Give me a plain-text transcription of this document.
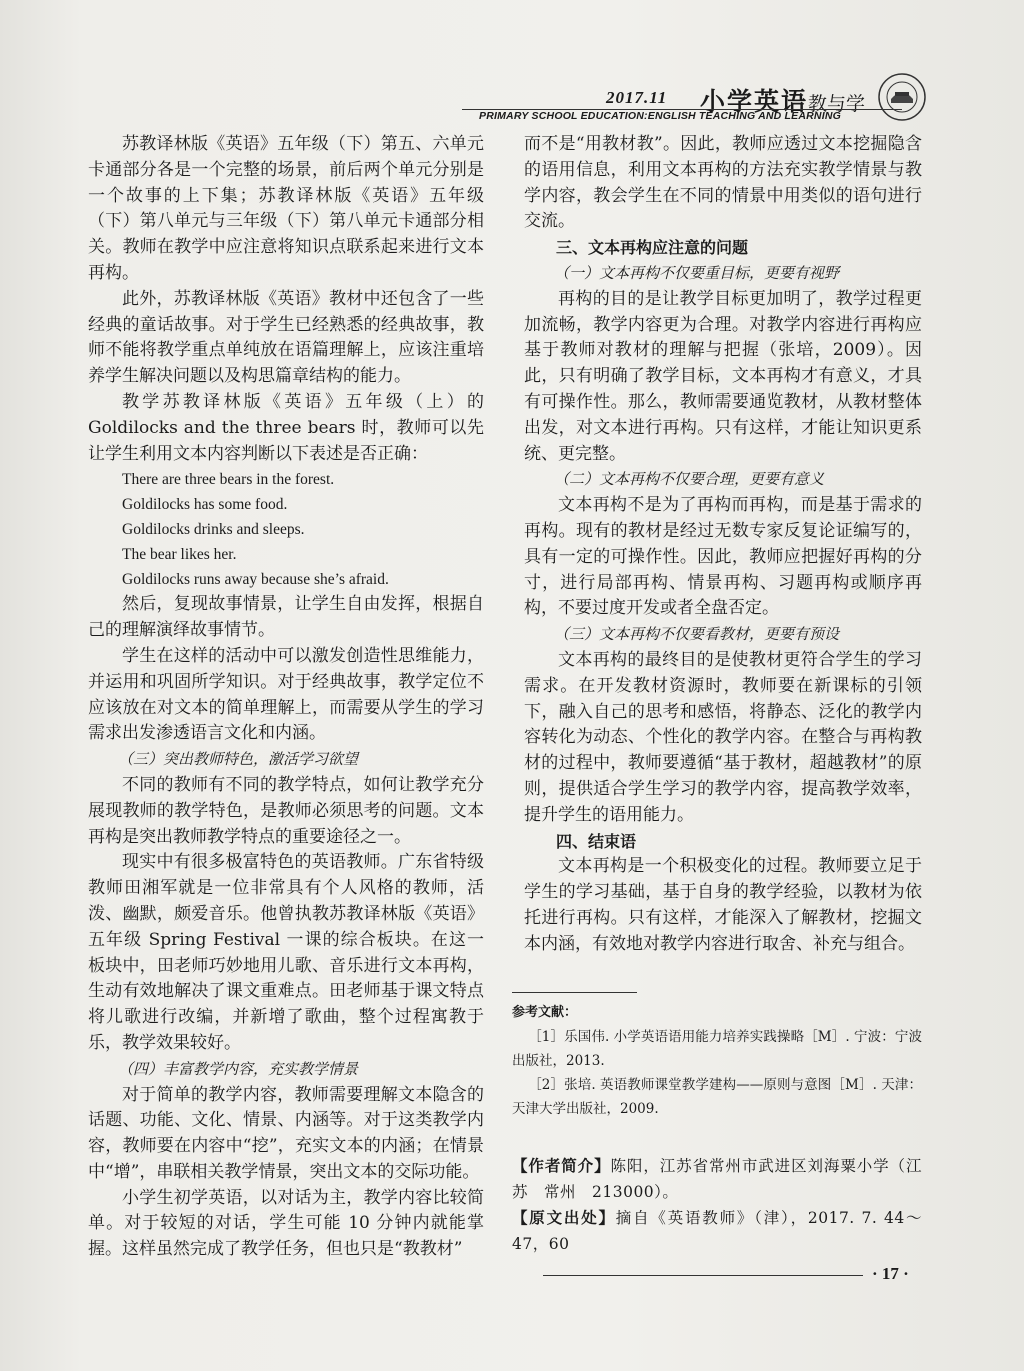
2017.11 小学英语教与学
PRIMARY SCHOOL EDUCATION:ENGLISH TEACHING AND LEARNING

苏教译林版《英语》五年级（下）第五、六单元卡通部分各是一个完整的场景，前后两个单元分别是一个故事的上下集；苏教译林版《英语》五年级（下）第八单元与三年级（下）第八单元卡通部分相关。教师在教学中应注意将知识点联系起来进行文本再构。

此外，苏教译林版《英语》教材中还包含了一些经典的童话故事。对于学生已经熟悉的经典故事，教师不能将教学重点单纯放在语篇理解上，应该注重培养学生解决问题以及构思篇章结构的能力。

教学苏教译林版《英语》五年级（上）的 Goldilocks and the three bears 时，教师可以先让学生利用文本内容判断以下表述是否正确：

There are three bears in the forest.

Goldilocks has some food.

Goldilocks drinks and sleeps.

The bear likes her.

Goldilocks runs away because she’s afraid.

然后，复现故事情景，让学生自由发挥，根据自己的理解演绎故事情节。

学生在这样的活动中可以激发创造性思维能力，并运用和巩固所学知识。对于经典故事，教学定位不应该放在对文本的简单理解上，而需要从学生的学习需求出发渗透语言文化和内涵。

（三）突出教师特色，激活学习欲望

不同的教师有不同的教学特点，如何让教学充分展现教师的教学特色，是教师必须思考的问题。文本再构是突出教师教学特点的重要途径之一。

现实中有很多极富特色的英语教师。广东省特级教师田湘军就是一位非常具有个人风格的教师，活泼、幽默，颇爱音乐。他曾执教苏教译林版《英语》五年级 Spring Festival 一课的综合板块。在这一板块中，田老师巧妙地用儿歌、音乐进行文本再构，生动有效地解决了课文重难点。田老师基于课文特点将儿歌进行改编，并新增了歌曲，整个过程寓教于乐，教学效果较好。

（四）丰富教学内容，充实教学情景

对于简单的教学内容，教师需要理解文本隐含的话题、功能、文化、情景、内涵等。对于这类教学内容，教师要在内容中“挖”，充实文本的内涵；在情景中“增”，串联相关教学情景，突出文本的交际功能。

小学生初学英语，以对话为主，教学内容比较简单。对于较短的对话，学生可能 10 分钟内就能掌握。这样虽然完成了教学任务，但也只是“教教材”

而不是“用教材教”。因此，教师应透过文本挖掘隐含的语用信息，利用文本再构的方法充实教学情景与教学内容，教会学生在不同的情景中用类似的语句进行交流。

三、文本再构应注意的问题

（一）文本再构不仅要重目标，更要有视野

再构的目的是让教学目标更加明了，教学过程更加流畅，教学内容更为合理。对教学内容进行再构应基于教师对教材的理解与把握（张培，2009）。因此，只有明确了教学目标，文本再构才有意义，才具有可操作性。那么，教师需要通览教材，从教材整体出发，对文本进行再构。只有这样，才能让知识更系统、更完整。

（二）文本再构不仅要合理，更要有意义

文本再构不是为了再构而再构，而是基于需求的再构。现有的教材是经过无数专家反复论证编写的，具有一定的可操作性。因此，教师应把握好再构的分寸，进行局部再构、情景再构、习题再构或顺序再构，不要过度开发或者全盘否定。

（三）文本再构不仅要看教材，更要有预设

文本再构的最终目的是使教材更符合学生的学习需求。在开发教材资源时，教师要在新课标的引领下，融入自己的思考和感悟，将静态、泛化的教学内容转化为动态、个性化的教学内容。在整合与再构教材的过程中，教师要遵循“基于教材，超越教材”的原则，提供适合学生学习的教学内容，提高教学效率，提升学生的语用能力。

四、结束语

文本再构是一个积极变化的过程。教师要立足于学生的学习基础，基于自身的教学经验，以教材为依托进行再构。只有这样，才能深入了解教材，挖掘文本内涵，有效地对教学内容进行取舍、补充与组合。

参考文献：

［1］乐国伟. 小学英语语用能力培养实践操略［M］. 宁波：宁波出版社，2013.

［2］张培. 英语教师课堂教学建构——原则与意图［M］. 天津：天津大学出版社，2009.

【作者简介】陈阳，江苏省常州市武进区刘海粟小学（江苏　常州　213000）。

【原文出处】摘自《英语教师》（津），2017. 7. 44～47，60

· 17 ·
